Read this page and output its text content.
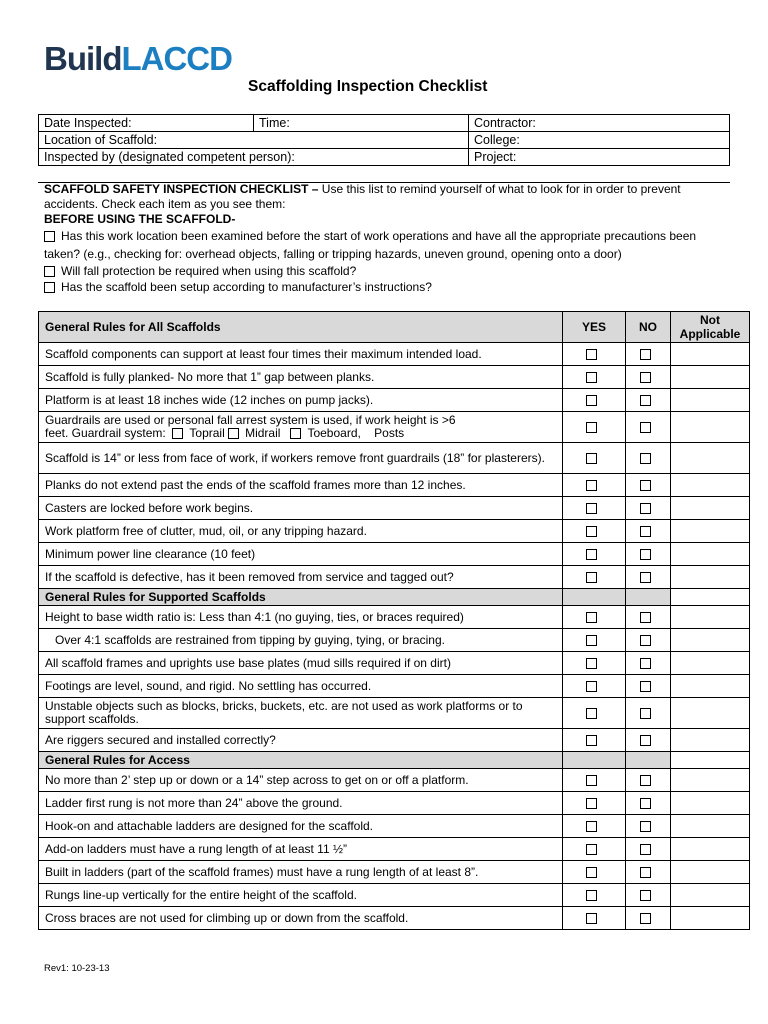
BuildLACCD
Scaffolding Inspection Checklist
Date Inspected:	Time:	Contractor:
Location of Scaffold:		College:
Inspected by (designated competent person):		Project:

SCAFFOLD SAFETY INSPECTION CHECKLIST – Use this list to remind yourself of what to look for in order to prevent accidents. Check each item as you see them:

BEFORE USING THE SCAFFOLD-

Has this work location been examined before the start of work operations and have all the appropriate precautions been taken? (e.g., checking for: overhead objects, falling or tripping hazards, uneven ground, opening onto a door)

Will fall protection be required when using this scaffold?

Has the scaffold been setup according to manufacturer’s instructions?

General Rules for All Scaffolds	YES	NO	Not Applicable
Scaffold components can support at least four times their maximum intended load.			
Scaffold is fully planked- No more that 1” gap between planks.			
Platform is at least 18 inches wide (12 inches on pump jacks).			
Guardrails are used or personal fall arrest system is used, if work height is >6
feet. Guardrail system: Toprail Midrail Toeboard, Posts			
Scaffold is 14” or less from face of work, if workers remove front guardrails (18” for plasterers).			
Planks do not extend past the ends of the scaffold frames more than 12 inches.			
Casters are locked before work begins.			
Work platform free of clutter, mud, oil, or any tripping hazard.			
Minimum power line clearance (10 feet)			
If the scaffold is defective, has it been removed from service and tagged out?			
General Rules for Supported Scaffolds			
Height to base width ratio is: Less than 4:1 (no guying, ties, or braces required)			
Over 4:1 scaffolds are restrained from tipping by guying, tying, or bracing.			
All scaffold frames and uprights use base plates (mud sills required if on dirt)			
Footings are level, sound, and rigid. No settling has occurred.			
Unstable objects such as blocks, bricks, buckets, etc. are not used as work platforms or to support scaffolds.			
Are riggers secured and installed correctly?			
General Rules for Access			
No more than 2’ step up or down or a 14” step across to get on or off a platform.			
Ladder first rung is not more than 24” above the ground.			
Hook-on and attachable ladders are designed for the scaffold.			
Add-on ladders must have a rung length of at least 11 ½”			
Built in ladders (part of the scaffold frames) must have a rung length of at least 8”.			
Rungs line-up vertically for the entire height of the scaffold.			
Cross braces are not used for climbing up or down from the scaffold.			
Rev1: 10-23-13
